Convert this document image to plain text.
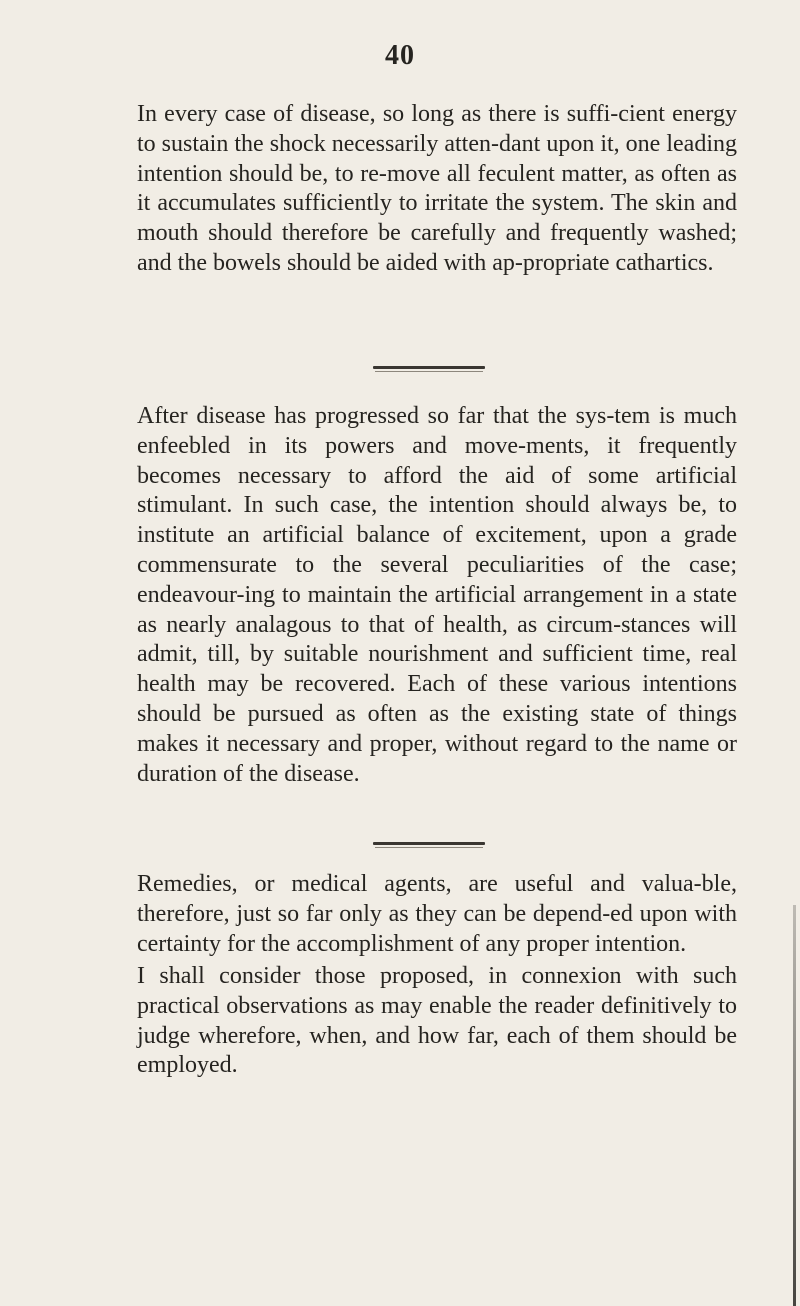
40

In every case of disease, so long as there is suffi-cient energy to sustain the shock necessarily atten-dant upon it, one leading intention should be, to re-move all feculent matter, as often as it accumulates sufficiently to irritate the system. The skin and mouth should therefore be carefully and frequently washed; and the bowels should be aided with ap-propriate cathartics.

After disease has progressed so far that the sys-tem is much enfeebled in its powers and move-ments, it frequently becomes necessary to afford the aid of some artificial stimulant. In such case, the intention should always be, to institute an artificial balance of excitement, upon a grade commensurate to the several peculiarities of the case; endeavour-ing to maintain the artificial arrangement in a state as nearly analagous to that of health, as circum-stances will admit, till, by suitable nourishment and sufficient time, real health may be recovered. Each of these various intentions should be pursued as often as the existing state of things makes it necessary and proper, without regard to the name or duration of the disease.

Remedies, or medical agents, are useful and valua-ble, therefore, just so far only as they can be depend-ed upon with certainty for the accomplishment of any proper intention.

I shall consider those proposed, in connexion with such practical observations as may enable the reader definitively to judge wherefore, when, and how far, each of them should be employed.
